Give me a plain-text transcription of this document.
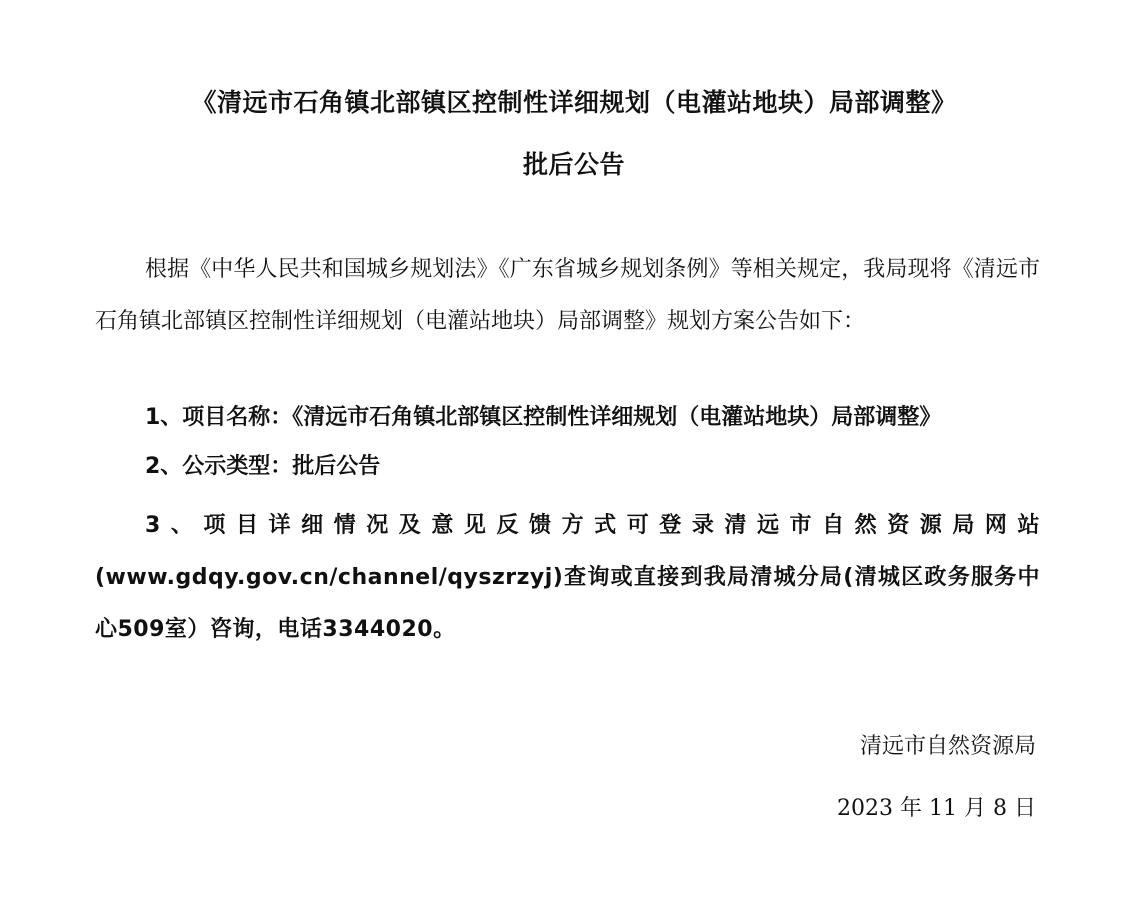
《清远市石角镇北部镇区控制性详细规划（电灌站地块）局部调整》
批后公告

根据《中华人民共和国城乡规划法》《广东省城乡规划条例》等相关规定，我局现将《清远市石角镇北部镇区控制性详细规划（电灌站地块）局部调整》规划方案公告如下：

1、项目名称：《清远市石角镇北部镇区控制性详细规划（电灌站地块）局部调整》
2、公示类型：批后公告
3、项目详细情况及意见反馈方式可登录清远市自然资源局网站(www.gdqy.gov.cn/channel/qyszrzyj)查询或直接到我局清城分局(清城区政务服务中心509室）咨询，电话3344020。
清远市自然资源局
2023 年 11 月 8 日
